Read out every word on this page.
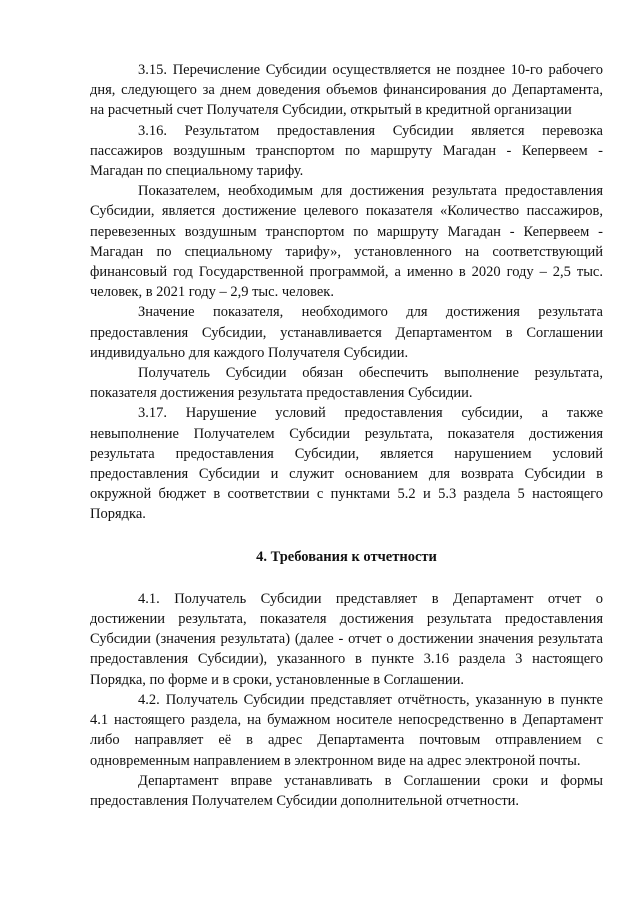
3.15. Перечисление Субсидии осуществляется не позднее 10-го рабочего дня, следующего за днем доведения объемов финансирования до Департамента, на расчетный счет Получателя Субсидии, открытый в кредитной организации

3.16. Результатом предоставления Субсидии является перевозка пассажиров воздушным транспортом по маршруту Магадан - Кепервеем - Магадан по специальному тарифу.

Показателем, необходимым для достижения результата предоставления Субсидии, является достижение целевого показателя «Количество пассажиров, перевезенных воздушным транспортом по маршруту Магадан - Кепервеем - Магадан по специальному тарифу», установленного на соответствующий финансовый год Государственной программой, а именно в 2020 году – 2,5 тыс. человек, в 2021 году – 2,9 тыс. человек.

Значение показателя, необходимого для достижения результата предоставления Субсидии, устанавливается Департаментом в Соглашении индивидуально для каждого Получателя Субсидии.

Получатель Субсидии обязан обеспечить выполнение результата, показателя достижения результата предоставления Субсидии.

3.17. Нарушение условий предоставления субсидии, а также невыполнение Получателем Субсидии результата, показателя достижения результата предоставления Субсидии, является нарушением условий предоставления Субсидии и служит основанием для возврата Субсидии в окружной бюджет в соответствии с пунктами 5.2 и 5.3 раздела 5 настоящего Порядка.

4. Требования к отчетности

4.1. Получатель Субсидии представляет в Департамент отчет о достижении результата, показателя достижения результата предоставления Субсидии (значения результата) (далее - отчет о достижении значения результата предоставления Субсидии), указанного в пункте 3.16 раздела 3 настоящего Порядка, по форме и в сроки, установленные в Соглашении.

4.2. Получатель Субсидии представляет отчётность, указанную в пункте 4.1 настоящего раздела, на бумажном носителе непосредственно в Департамент либо направляет её в адрес Департамента почтовым отправлением с одновременным направлением в электронном виде на адрес электроной почты.

Департамент вправе устанавливать в Соглашении сроки и формы предоставления Получателем Субсидии дополнительной отчетности.
